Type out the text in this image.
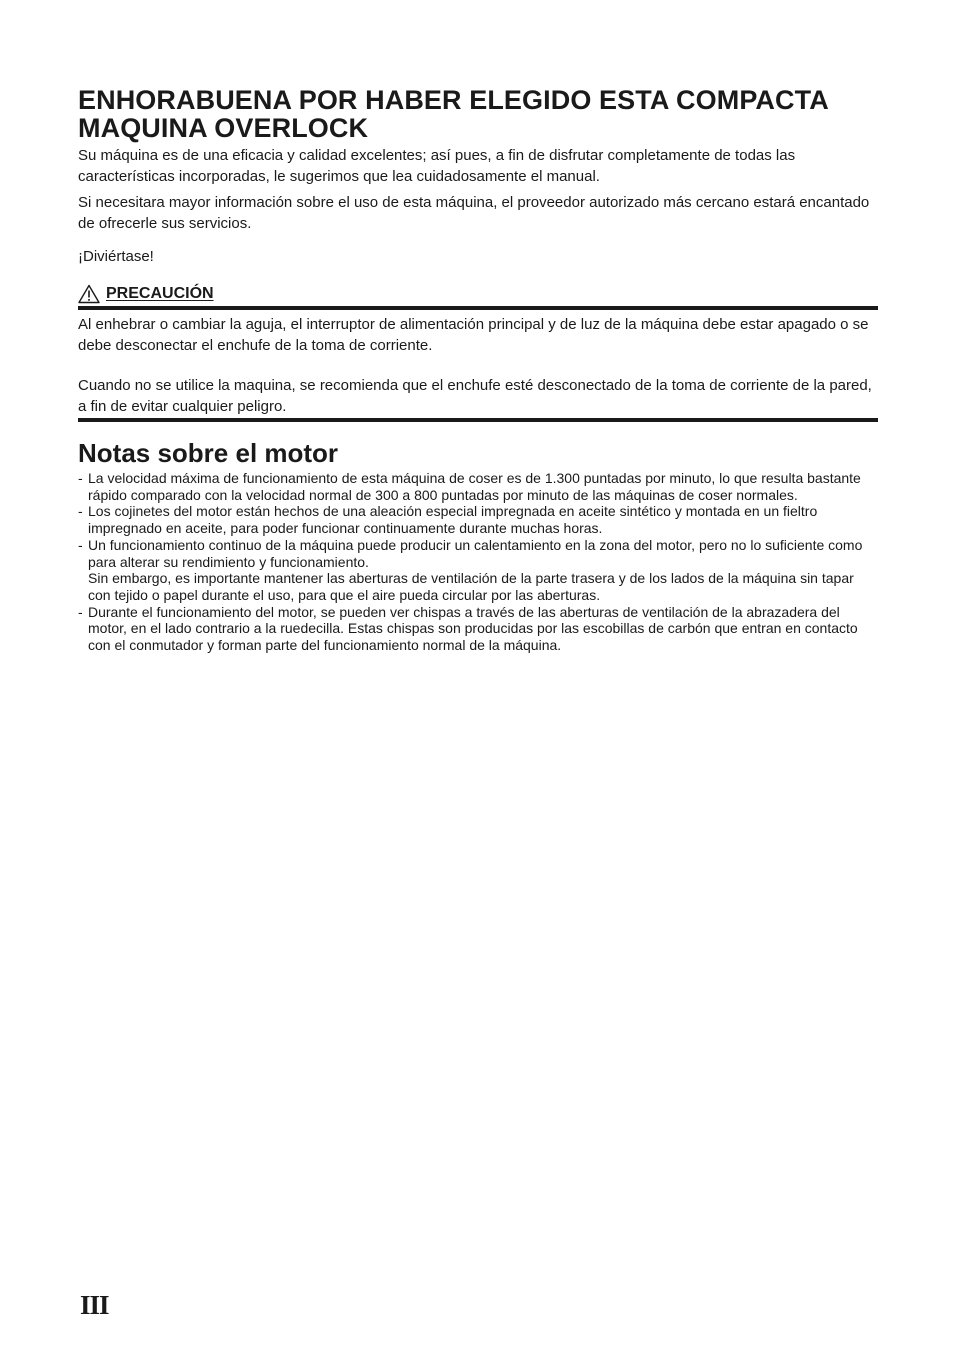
ENHORABUENA POR HABER ELEGIDO ESTA COMPACTA
MAQUINA OVERLOCK

Su máquina es de una eficacia y calidad excelentes; así pues, a fin de disfrutar completamente de todas las características incorporadas, le sugerimos que lea cuidadosamente el manual.

Si necesitara mayor información sobre el uso de esta máquina, el proveedor autorizado más cercano estará encantado de ofrecerle sus servicios.

¡Diviértase!

PRECAUCIÓN

Al enhebrar o cambiar la aguja, el interruptor de alimentación principal y de luz de la máquina debe estar apagado o se debe desconectar el enchufe de la toma de corriente.

Cuando no se utilice la maquina, se recomienda que el enchufe esté desconectado de la toma de corriente de la pared, a fin de evitar cualquier peligro.

Notas sobre el motor
- La velocidad máxima de funcionamiento de esta máquina de coser es de 1.300 puntadas por minuto, lo que resulta bastante rápido comparado con la velocidad normal de 300 a 800 puntadas por minuto de las máquinas de coser normales.
- Los cojinetes del motor están hechos de una aleación especial impregnada en aceite sintético y montada en un fieltro impregnado en aceite, para poder funcionar continuamente durante muchas horas.
- Un funcionamiento continuo de la máquina puede producir un calentamiento en la zona del motor, pero no lo suficiente como para alterar su rendimiento y funcionamiento.
Sin embargo, es importante mantener las aberturas de ventilación de la parte trasera y de los lados de la máquina sin tapar con tejido o papel durante el uso, para que el aire pueda circular por las aberturas.
- Durante el funcionamiento del motor, se pueden ver chispas a través de las aberturas de ventilación de la abrazadera del motor, en el lado contrario a la ruedecilla. Estas chispas son producidas por las escobillas de carbón que entran en contacto con el conmutador y forman parte del funcionamiento normal de la máquina.
III
